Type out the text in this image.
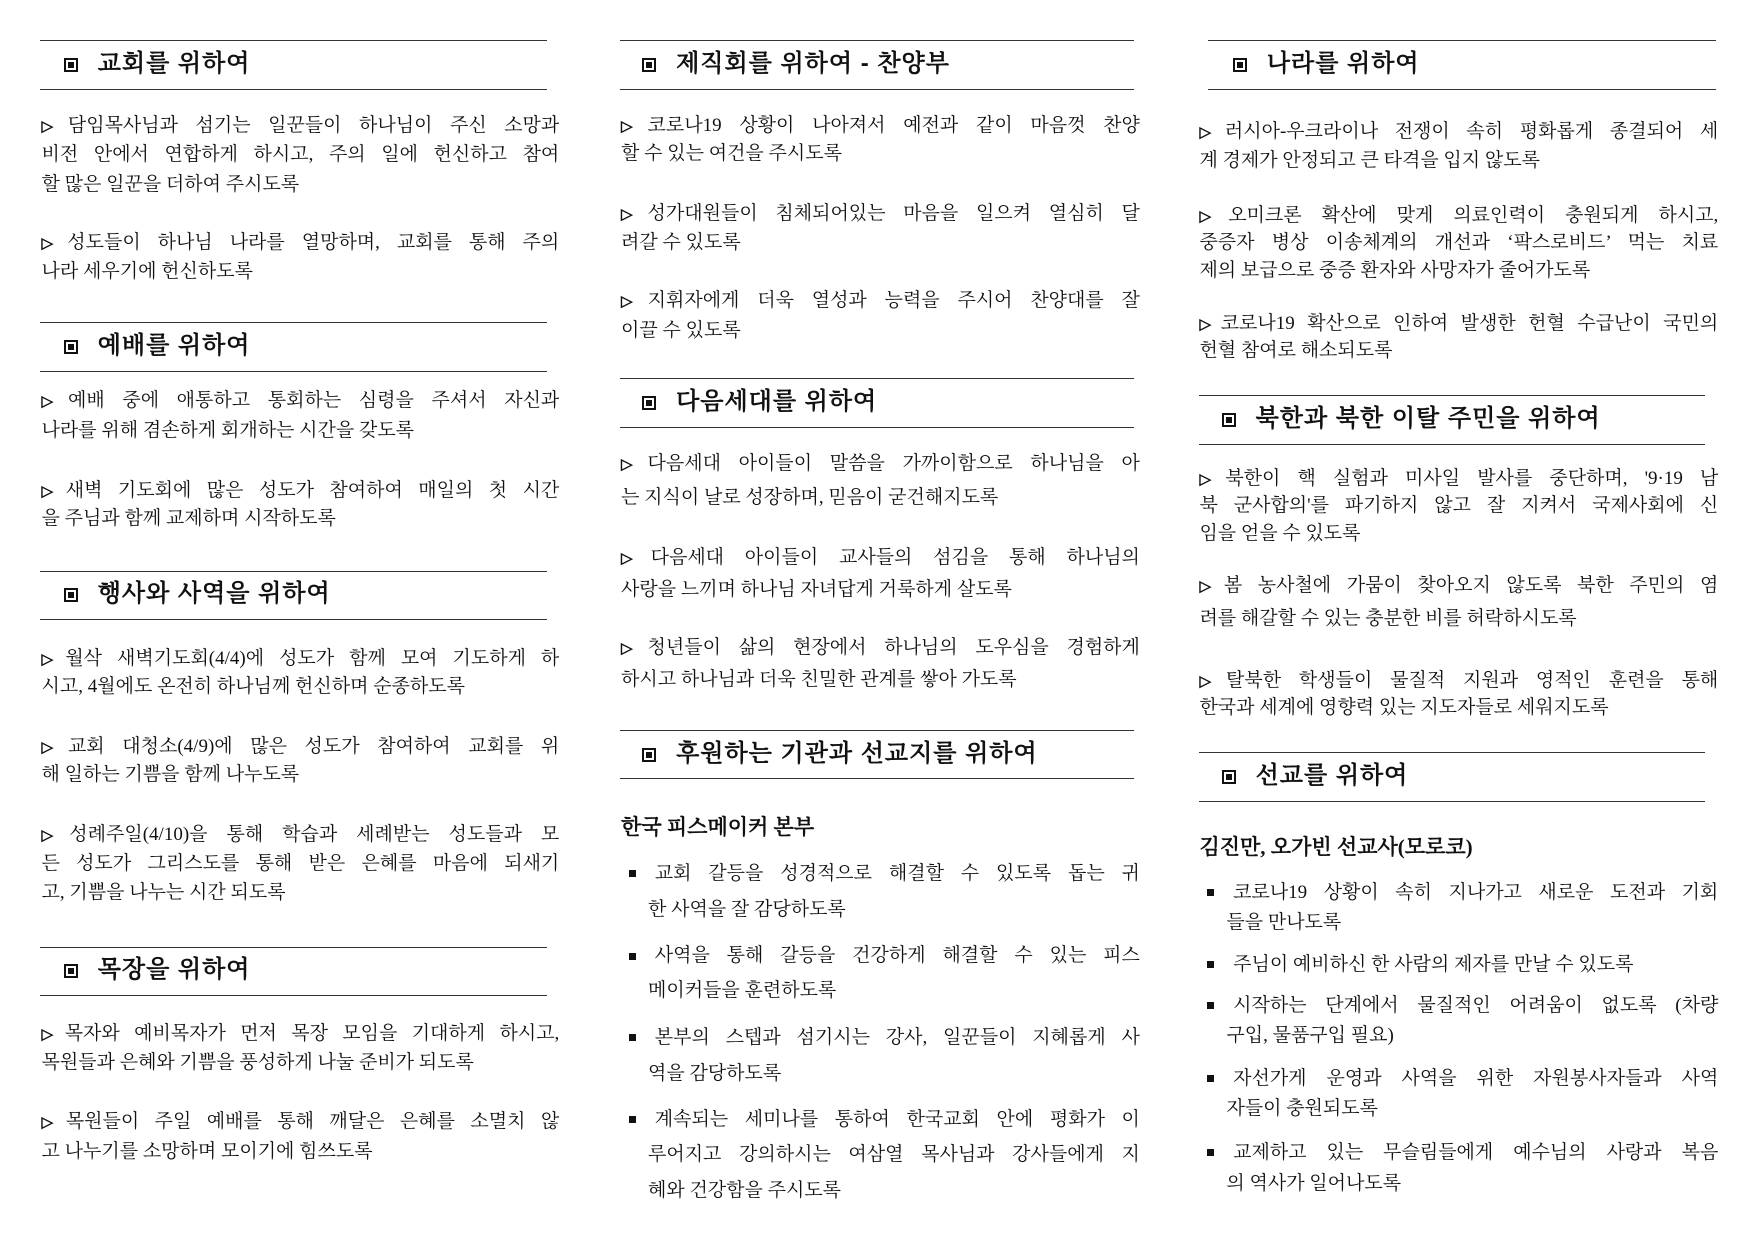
교회를 위하여
▷ 담임목사님과 섬기는 일꾼들이 하나님이 주신 소망과
비전 안에서 연합하게 하시고, 주의 일에 헌신하고 참여
할 많은 일꾼을 더하여 주시도록
▷ 성도들이 하나님 나라를 열망하며, 교회를 통해 주의
나라 세우기에 헌신하도록
예배를 위하여
▷ 예배 중에 애통하고 통회하는 심령을 주셔서 자신과
나라를 위해 겸손하게 회개하는 시간을 갖도록
▷ 새벽 기도회에 많은 성도가 참여하여 매일의 첫 시간
을 주님과 함께 교제하며 시작하도록
행사와 사역을 위하여
▷ 월삭 새벽기도회(4/4)에 성도가 함께 모여 기도하게 하
시고, 4월에도 온전히 하나님께 헌신하며 순종하도록
▷ 교회 대청소(4/9)에 많은 성도가 참여하여 교회를 위
해 일하는 기쁨을 함께 나누도록
▷ 성례주일(4/10)을 통해 학습과 세례받는 성도들과 모
든 성도가 그리스도를 통해 받은 은혜를 마음에 되새기
고, 기쁨을 나누는 시간 되도록
목장을 위하여
▷ 목자와 예비목자가 먼저 목장 모임을 기대하게 하시고,
목원들과 은혜와 기쁨을 풍성하게 나눌 준비가 되도록
▷ 목원들이 주일 예배를 통해 깨달은 은혜를 소멸치 않
고 나누기를 소망하며 모이기에 힘쓰도록
제직회를 위하여 - 찬양부
▷ 코로나19 상황이 나아져서 예전과 같이 마음껏 찬양
할 수 있는 여건을 주시도록
▷ 성가대원들이 침체되어있는 마음을 일으켜 열심히 달
려갈 수 있도록
▷ 지휘자에게 더욱 열성과 능력을 주시어 찬양대를 잘
이끌 수 있도록
다음세대를 위하여
▷ 다음세대 아이들이 말씀을 가까이함으로 하나님을 아
는 지식이 날로 성장하며, 믿음이 굳건해지도록
▷ 다음세대 아이들이 교사들의 섬김을 통해 하나님의
사랑을 느끼며 하나님 자녀답게 거룩하게 살도록
▷ 청년들이 삶의 현장에서 하나님의 도우심을 경험하게
하시고 하나님과 더욱 친밀한 관계를 쌓아 가도록
후원하는 기관과 선교지를 위하여
한국 피스메이커 본부
교회 갈등을 성경적으로 해결할 수 있도록 돕는 귀
한 사역을 잘 감당하도록
사역을 통해 갈등을 건강하게 해결할 수 있는 피스
메이커들을 훈련하도록
본부의 스텝과 섬기시는 강사, 일꾼들이 지혜롭게 사
역을 감당하도록
계속되는 세미나를 통하여 한국교회 안에 평화가 이
루어지고 강의하시는 여삼열 목사님과 강사들에게 지
혜와 건강함을 주시도록
나라를 위하여
▷ 러시아-우크라이나 전쟁이 속히 평화롭게 종결되어 세
계 경제가 안정되고 큰 타격을 입지 않도록
▷ 오미크론 확산에 맞게 의료인력이 충원되게 하시고,
중증자 병상 이송체계의 개선과 ‘팍스로비드’ 먹는 치료
제의 보급으로 중증 환자와 사망자가 줄어가도록
▷ 코로나19 확산으로 인하여 발생한 헌혈 수급난이 국민의
헌혈 참여로 해소되도록
북한과 북한 이탈 주민을 위하여
▷ 북한이 핵 실험과 미사일 발사를 중단하며, '9·19 남
북 군사합의'를 파기하지 않고 잘 지켜서 국제사회에 신
임을 얻을 수 있도록
▷ 봄 농사철에 가뭄이 찾아오지 않도록 북한 주민의 염
려를 해갈할 수 있는 충분한 비를 허락하시도록
▷ 탈북한 학생들이 물질적 지원과 영적인 훈련을 통해
한국과 세계에 영향력 있는 지도자들로 세워지도록
선교를 위하여
김진만, 오가빈 선교사(모로코)
코로나19 상황이 속히 지나가고 새로운 도전과 기회
들을 만나도록
주님이 예비하신 한 사람의 제자를 만날 수 있도록
시작하는 단계에서 물질적인 어려움이 없도록 (차량
구입, 물품구입 필요)
자선가게 운영과 사역을 위한 자원봉사자들과 사역
자들이 충원되도록
교제하고 있는 무슬림들에게 예수님의 사랑과 복음
의 역사가 일어나도록
